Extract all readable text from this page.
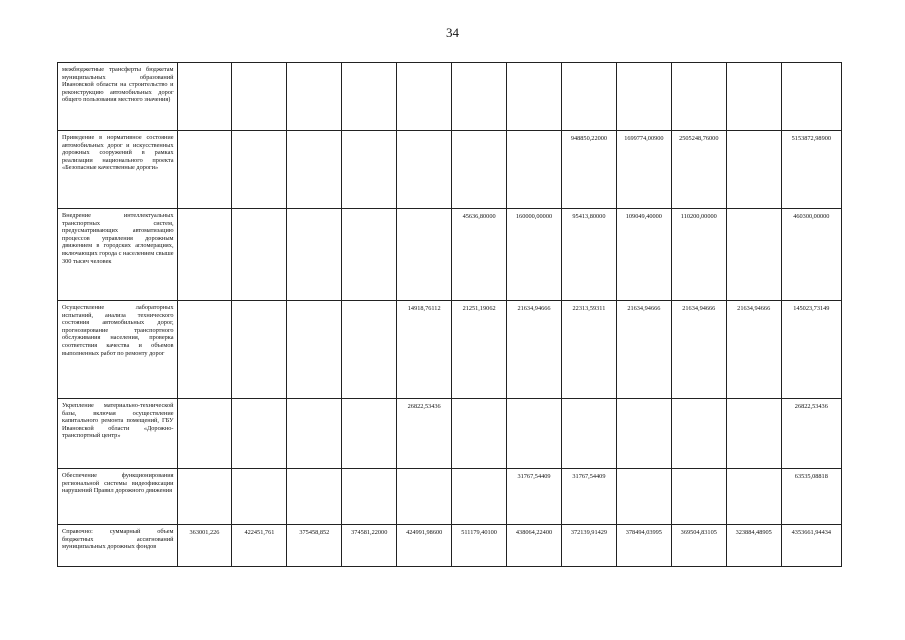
34
межбюджетные трансферты бюджетам муниципальных образований Ивановской области на строительство и реконструкцию автомобильных дорог общего пользования местного значения)												
Приведение в нормативное состояние автомобильных дорог и искусственных дорожных сооружений в рамках реализации национального проекта «Безопасные качественные дороги»								948850,22000	1699774,00900	2505248,76000		5153872,98900
Внедрение интеллектуальных транспортных систем, предусматривающих автоматизацию процессов управления дорожным движением в городских агломерациях, включающих города с населением свыше 300 тысяч человек						45636,80000	160000,00000	95413,80000	109049,40000	110200,00000		460300,00000
Осуществление лабораторных испытаний, анализа технического состояния автомобильных дорог, прогнозирование транспортного обслуживания населения, проверка соответствия качества и объемов выполненных работ по ремонту дорог					14918,76112	21251,19062	21634,94666	22313,59311	21634,94666	21634,94666	21634,94666	145023,73149
Укрепление материально-технической базы, включая осуществление капитального ремонта помещений, ГБУ Ивановской области «Дорожно-транспортный центр»					26822,53436							26822,53436
Обеспечение функционирования региональной системы видеофиксации нарушений Правил дорожного движения							31767,54409	31767,54409				63535,08818
Справочно: суммарный объем бюджетных ассигнований муниципальных дорожных фондов	363001,226	422451,761	375458,852	374581,22000	424991,98600	511179,40100	438064,22400	372139,91429	378494,03995	369504,83105	323884,48905	4353661,94434
